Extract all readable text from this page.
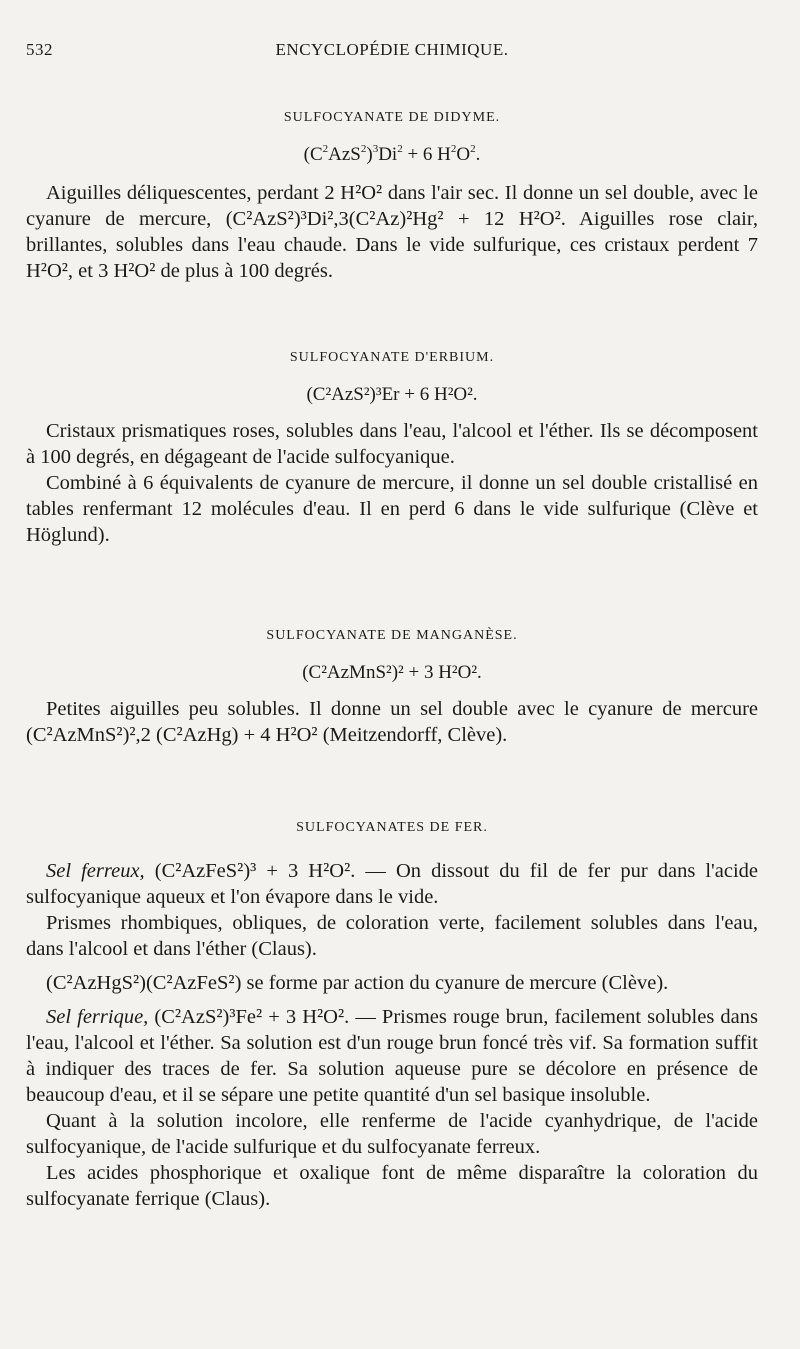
532	ENCYCLOPÉDIE CHIMIQUE.
SULFOCYANATE DE DIDYME.
$(C^2AzS^2)^3Di^2 + 6$ $H^2O^2$.

Aiguilles déliquescentes, perdant 2 H²O² dans l'air sec. Il donne un sel double, avec le cyanure de mercure, (C²AzS²)³Di²,3(C²Az)²Hg² + 12 H²O². Aiguilles rose clair, brillantes, solubles dans l'eau chaude. Dans le vide sulfurique, ces cristaux perdent 7 H²O², et 3 H²O² de plus à 100 degrés.

SULFOCYANATE D'ERBIUM.
(C²AzS²)³Er + 6 H²O².

Cristaux prismatiques roses, solubles dans l'eau, l'alcool et l'éther. Ils se décomposent à 100 degrés, en dégageant de l'acide sulfocyanique.

Combiné à 6 équivalents de cyanure de mercure, il donne un sel double cristallisé en tables renfermant 12 molécules d'eau. Il en perd 6 dans le vide sulfurique (Clève et Höglund).

SULFOCYANATE DE MANGANÈSE.
(C²AzMnS²)² + 3 H²O².

Petites aiguilles peu solubles. Il donne un sel double avec le cyanure de mercure (C²AzMnS²)²,2 (C²AzHg) + 4 H²O² (Meitzendorff, Clève).

SULFOCYANATES DE FER.

Sel ferreux, (C²AzFeS²)³ + 3 H²O². — On dissout du fil de fer pur dans l'acide sulfocyanique aqueux et l'on évapore dans le vide.

Prismes rhombiques, obliques, de coloration verte, facilement solubles dans l'eau, dans l'alcool et dans l'éther (Claus).

(C²AzHgS²)(C²AzFeS²) se forme par action du cyanure de mercure (Clève).

Sel ferrique, (C²AzS²)³Fe² + 3 H²O². — Prismes rouge brun, facilement solubles dans l'eau, l'alcool et l'éther. Sa solution est d'un rouge brun foncé très vif. Sa formation suffit à indiquer des traces de fer. Sa solution aqueuse pure se décolore en présence de beaucoup d'eau, et il se sépare une petite quantité d'un sel basique insoluble.

Quant à la solution incolore, elle renferme de l'acide cyanhydrique, de l'acide sulfocyanique, de l'acide sulfurique et du sulfocyanate ferreux.

Les acides phosphorique et oxalique font de même disparaître la coloration du sulfocyanate ferrique (Claus).
